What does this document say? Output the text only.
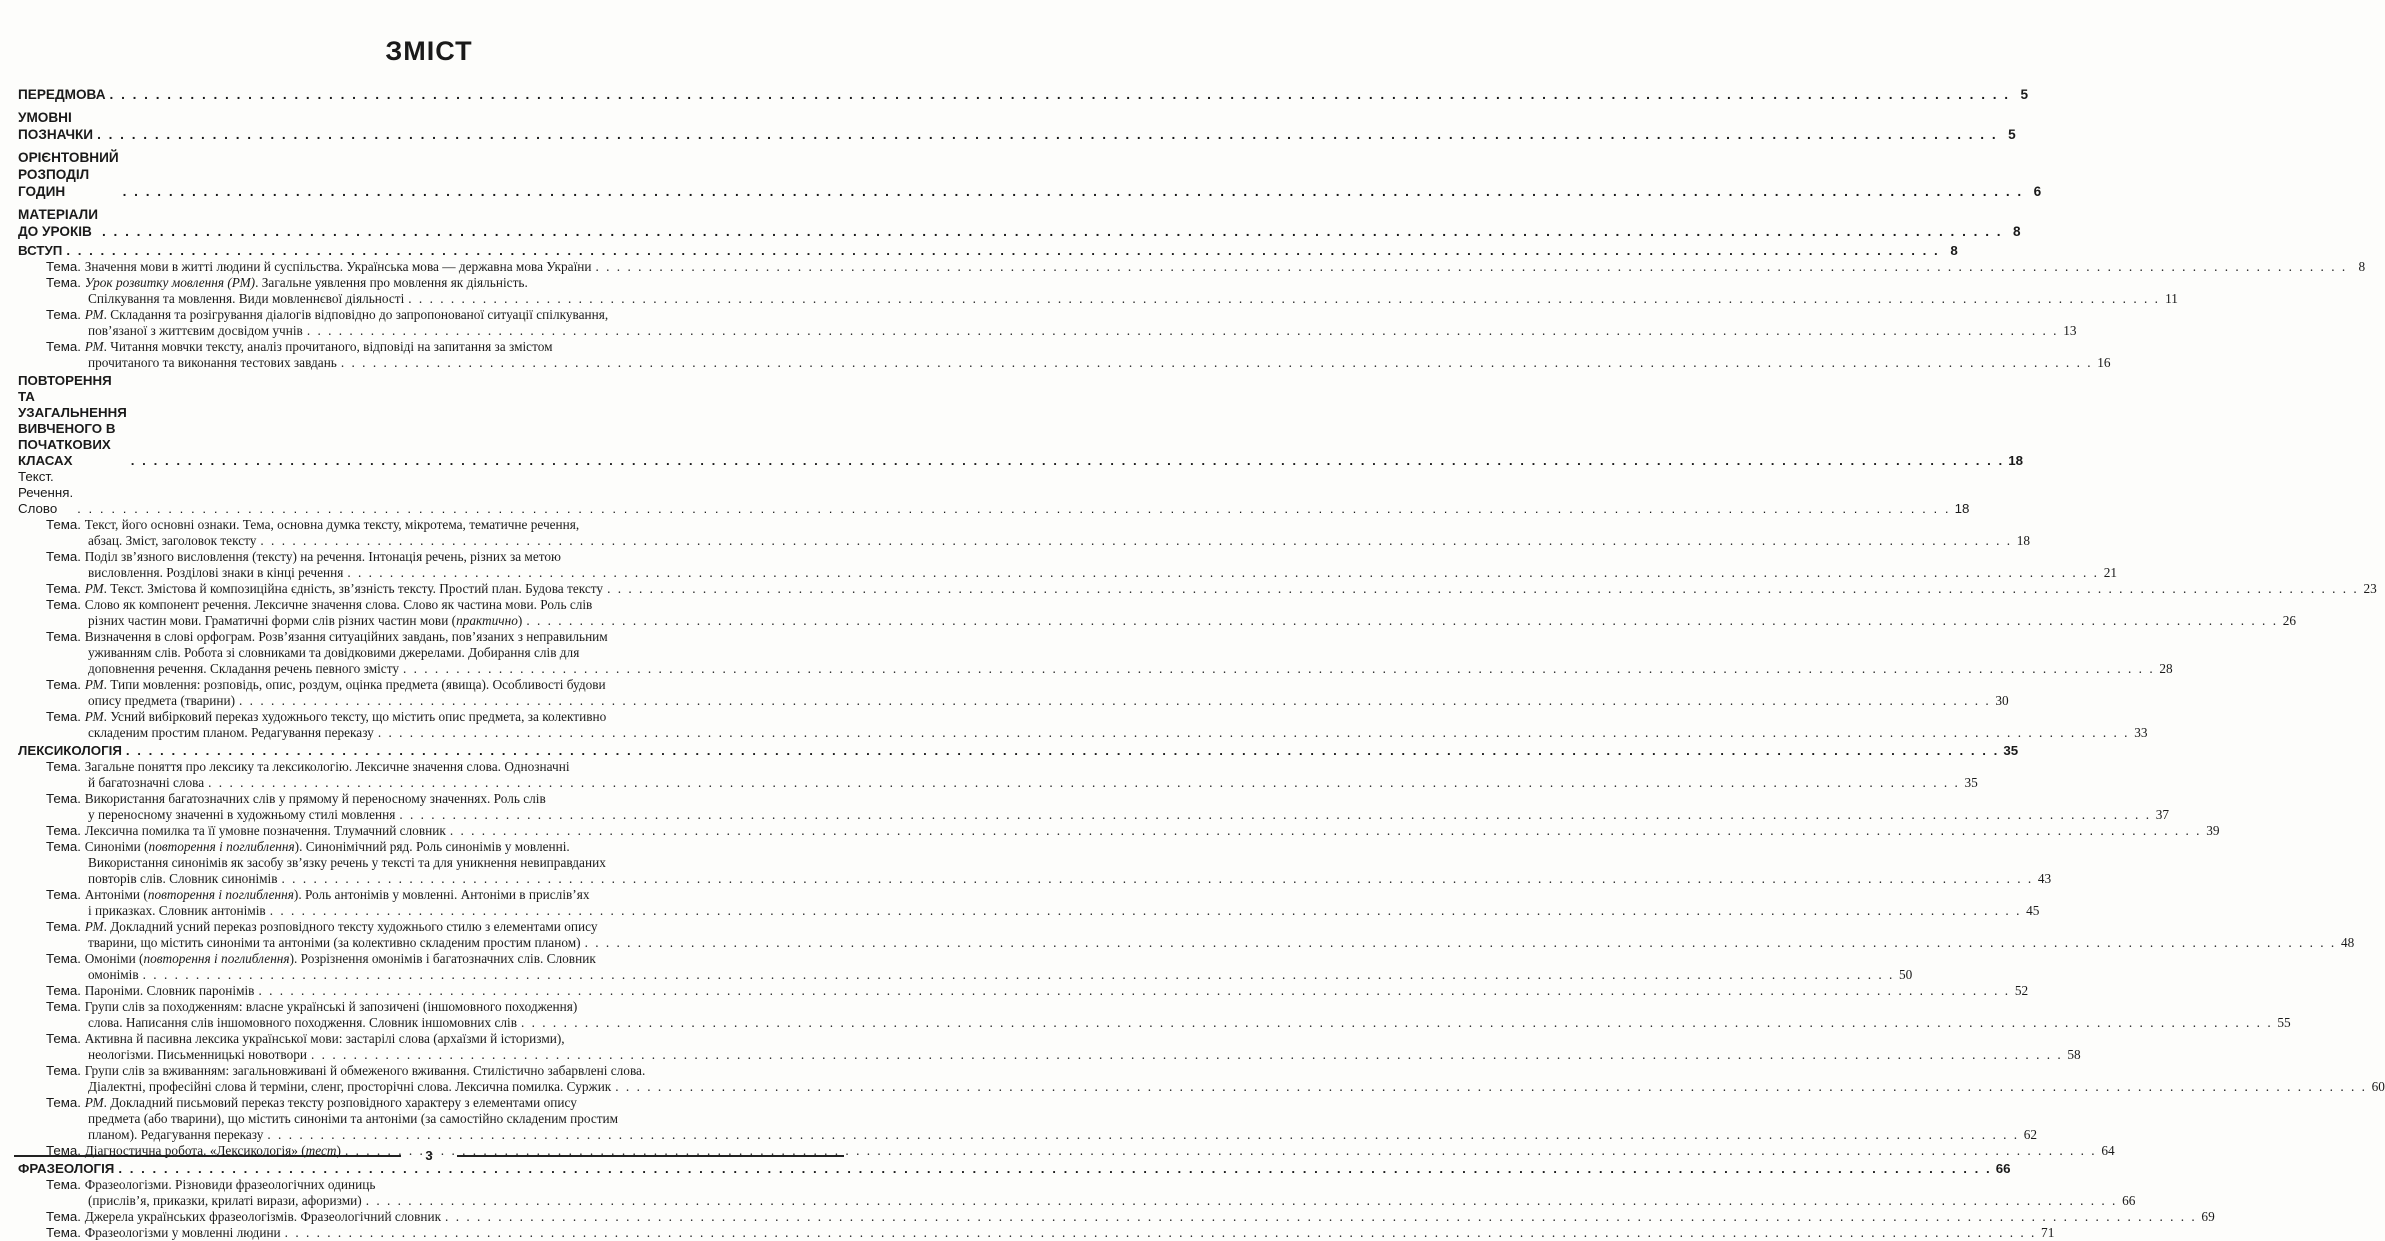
ЗМІСТ
ПЕРЕДМОВА . . .	5
УМОВНІ ПОЗНАЧКИ . . .	5
ОРІЄНТОВНИЙ РОЗПОДІЛ ГОДИН . . .	6
МАТЕРІАЛИ ДО УРОКІВ . . .	8
ВСТУП . . .	8
Тема. Значення мови в житті людини й суспільства. Українська мова — державна мова України . . .	8
Тема. Урок розвитку мовлення (РМ). Загальне уявлення про мовлення як діяльність.
Спілкування та мовлення. Види мовленнєвої діяльності . . .	11
Тема. РМ. Складання та розігрування діалогів відповідно до запропонованої ситуації спілкування,
пов’язаної з життєвим досвідом учнів . . .	13
Тема. РМ. Читання мовчки тексту, аналіз прочитаного, відповіді на запитання за змістом
прочитаного та виконання тестових завдань . . .	16
ПОВТОРЕННЯ ТА УЗАГАЛЬНЕННЯ ВИВЧЕНОГО В ПОЧАТКОВИХ КЛАСАХ . . .	18
Текст. Речення. Слово . . .	18
Тема. Текст, його основні ознаки. Тема, основна думка тексту, мікротема, тематичне речення,
абзац. Зміст, заголовок тексту . . .	18
Тема. Поділ зв’язного висловлення (тексту) на речення. Інтонація речень, різних за метою
висловлення. Розділові знаки в кінці речення . . .	21
Тема. РМ. Текст. Змістова й композиційна єдність, зв’язність тексту. Простий план. Будова тексту . . .	23
Тема. Слово як компонент речення. Лексичне значення слова. Слово як частина мови. Роль слів
різних частин мови. Граматичні форми слів різних частин мови (практично) . . .	26
Тема. Визначення в слові орфограм. Розв’язання ситуаційних завдань, пов’язаних з неправильним
уживанням слів. Робота зі словниками та довідковими джерелами. Добирання слів для
доповнення речення. Складання речень певного змісту . . .	28
Тема. РМ. Типи мовлення: розповідь, опис, роздум, оцінка предмета (явища). Особливості будови
опису предмета (тварини) . . .	30
Тема. РМ. Усний вибірковий переказ художнього тексту, що містить опис предмета, за колективно
складеним простим планом. Редагування переказу . . .	33
ЛЕКСИКОЛОГІЯ . . .	35
Тема. Загальне поняття про лексику та лексикологію. Лексичне значення слова. Однозначні
й багатозначні слова . . .	35
Тема. Використання багатозначних слів у прямому й переносному значеннях. Роль слів
у переносному значенні в художньому стилі мовлення . . .	37
Тема. Лексична помилка та її умовне позначення. Тлумачний словник . . .	39
Тема. Синоніми (повторення і поглиблення). Синонімічний ряд. Роль синонімів у мовленні.
Використання синонімів як засобу зв’язку речень у тексті та для уникнення невиправданих
повторів слів. Словник синонімів . . .	43
Тема. Антоніми (повторення і поглиблення). Роль антонімів у мовленні. Антоніми в прислів’ях
і приказках. Словник антонімів . . .	45
Тема. РМ. Докладний усний переказ розповідного тексту художнього стилю з елементами опису
тварини, що містить синоніми та антоніми (за колективно складеним простим планом) . . .	48
Тема. Омоніми (повторення і поглиблення). Розрізнення омонімів і багатозначних слів. Словник
омонімів . . .	50
Тема. Пароніми. Словник паронімів . . .	52
Тема. Групи слів за походженням: власне українські й запозичені (іншомовного походження)
слова. Написання слів іншомовного походження. Словник іншомовних слів . . .	55
Тема. Активна й пасивна лексика української мови: застарілі слова (архаїзми й історизми),
неологізми. Письменницькі новотвори . . .	58
Тема. Групи слів за вживанням: загальновживані й обмеженого вживання. Стилістично забарвлені слова.
Діалектні, професійні слова й терміни, сленг, просторічні слова. Лексична помилка. Суржик . . .	60
Тема. РМ. Докладний письмовий переказ тексту розповідного характеру з елементами опису
предмета (або тварини), що містить синоніми та антоніми (за самостійно складеним простим
планом). Редагування переказу . . .	62
Тема. Діагностична робота. «Лексикологія» (тест) . . .	64
ФРАЗЕОЛОГІЯ . . .	66
Тема. Фразеологізми. Різновиди фразеологічних одиниць
(прислів’я, приказки, крилаті вирази, афоризми) . . .	66
Тема. Джерела українських фразеологізмів. Фразеологічний словник . . .	69
Тема. Фразеологізми у мовленні людини . . .	71
3
